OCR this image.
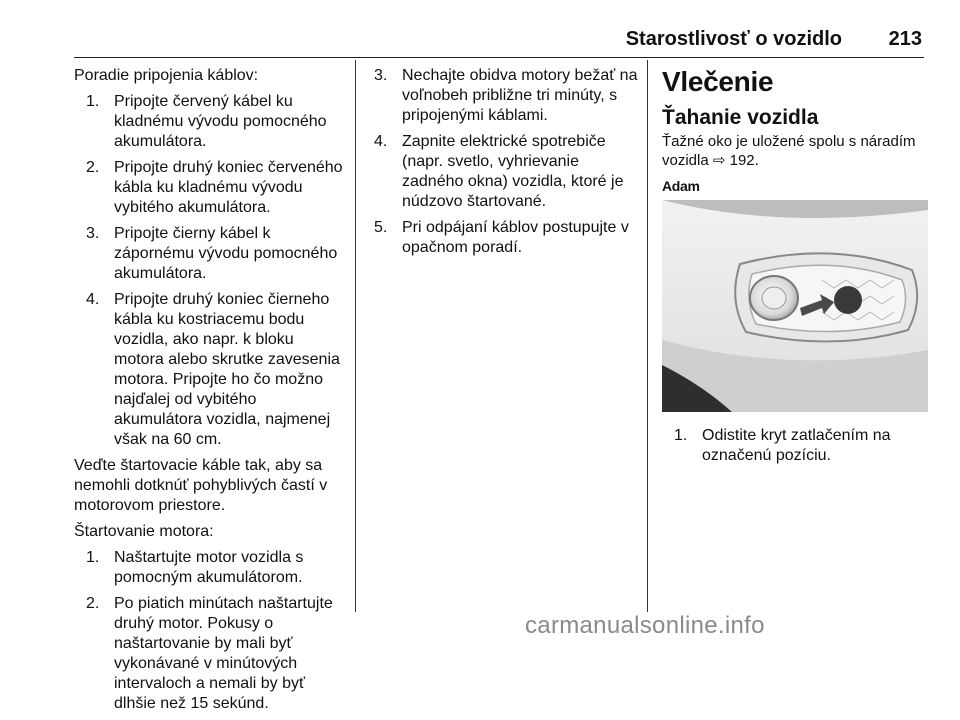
Starostlivosť o vozidlo 213

Poradie pripojenia káblov:

1. Pripojte červený kábel ku kladnému vývodu pomocného akumulátora.
2. Pripojte druhý koniec červeného kábla ku kladnému vývodu vybitého akumulátora.
3. Pripojte čierny kábel k zápornému vývodu pomocného akumulátora.
4. Pripojte druhý koniec čierneho kábla ku kostriacemu bodu vozidla, ako napr. k bloku motora alebo skrutke zavesenia motora. Pripojte ho čo možno najďalej od vybitého akumulátora vozidla, najmenej však na 60 cm.

Veďte štartovacie káble tak, aby sa nemohli dotknúť pohyblivých častí v motorovom priestore.

Štartovanie motora:

1. Naštartujte motor vozidla s pomocným akumulátorom.
2. Po piatich minútach naštartujte druhý motor. Pokusy o naštartovanie by mali byť vykonávané v minútových intervaloch a nemali by byť dlhšie než 15 sekúnd.
3. Nechajte obidva motory bežať na voľnobeh približne tri minúty, s pripojenými káblami.
4. Zapnite elektrické spotrebiče (napr. svetlo, vyhrievanie zadného okna) vozidla, ktoré je núdzovo štartované.
5. Pri odpájaní káblov postupujte v opačnom poradí.
Vlečenie
Ťahanie vozidla

Ťažné oko je uložené spolu s náradím vozidla ⇨ 192.

Adam
1. Odistite kryt zatlačením na označenú pozíciu.
carmanualsonline.info
